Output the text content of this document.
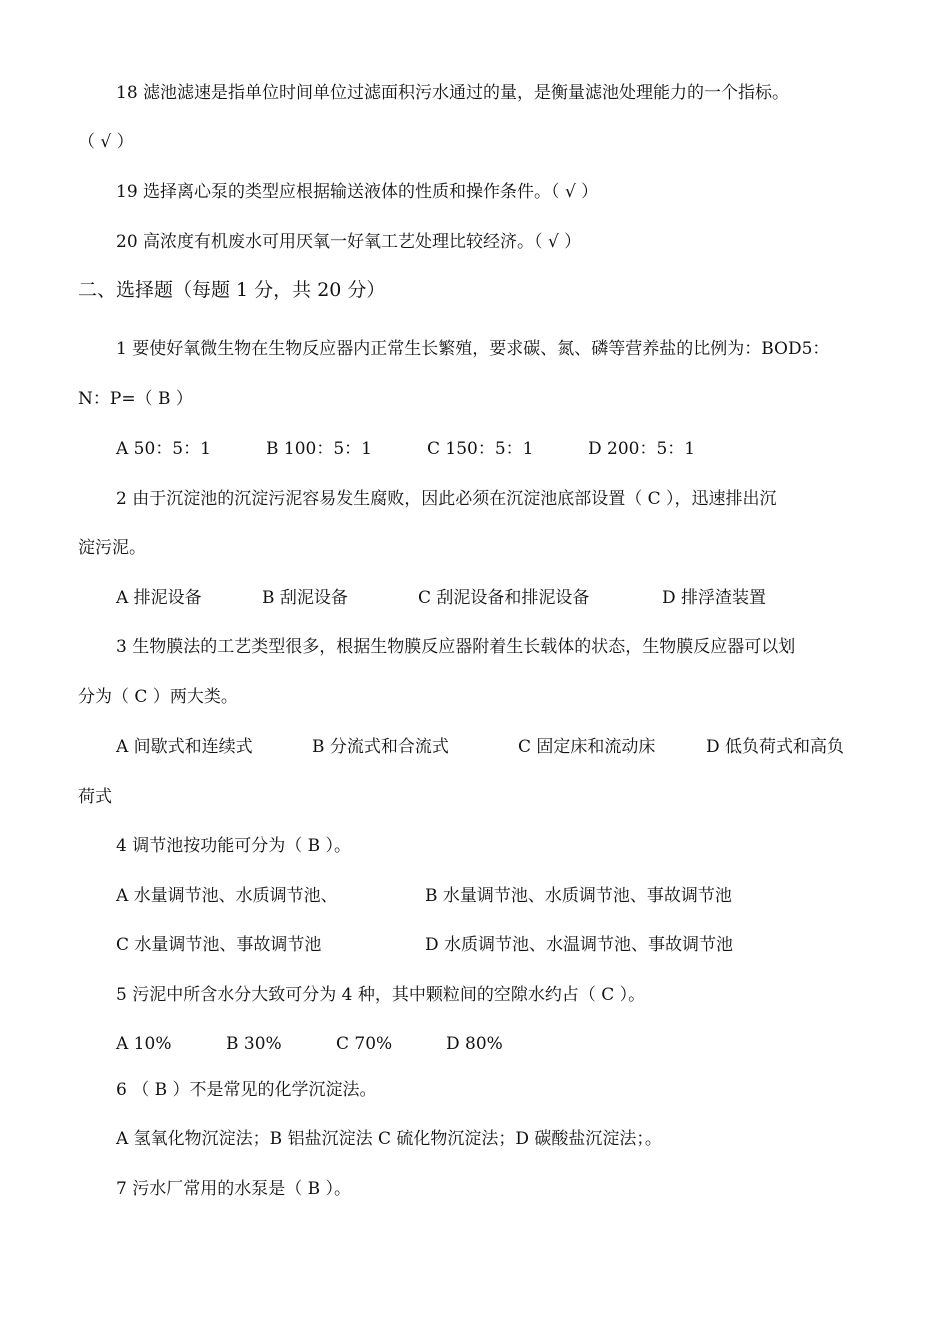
18 滤池滤速是指单位时间单位过滤面积污水通过的量，是衡量滤池处理能力的一个指标。
（ √ ）
19 选择离心泵的类型应根据输送液体的性质和操作条件。（ √ ）
20 高浓度有机废水可用厌氧一好氧工艺处理比较经济。（ √ ）
二、选择题（每题 1 分，共 20 分）
1 要使好氧微生物在生物反应器内正常生长繁殖，要求碳、氮、磷等营养盐的比例为：BOD5：
N：P=（ B ）
A 50：5：1	B 100：5：1	C 150：5：1	D 200：5：1
2 由于沉淀池的沉淀污泥容易发生腐败，因此必须在沉淀池底部设置（ C ），迅速排出沉
淀污泥。
A 排泥设备	B 刮泥设备	C 刮泥设备和排泥设备	D 排浮渣装置
3 生物膜法的工艺类型很多，根据生物膜反应器附着生长载体的状态，生物膜反应器可以划
分为（ C ）两大类。
A 间歇式和连续式	B 分流式和合流式	C 固定床和流动床	D 低负荷式和高负
荷式
4 调节池按功能可分为（ B ）。
A 水量调节池、水质调节池、	B 水量调节池、水质调节池、事故调节池
C 水量调节池、事故调节池	D 水质调节池、水温调节池、事故调节池
5 污泥中所含水分大致可分为 4 种，其中颗粒间的空隙水约占（ C ）。
A 10%	B 30%	C 70%	D 80%
6 （ B ）不是常见的化学沉淀法。
A 氢氧化物沉淀法；B 铝盐沉淀法 C 硫化物沉淀法；D 碳酸盐沉淀法；。
7 污水厂常用的水泵是（ B ）。
